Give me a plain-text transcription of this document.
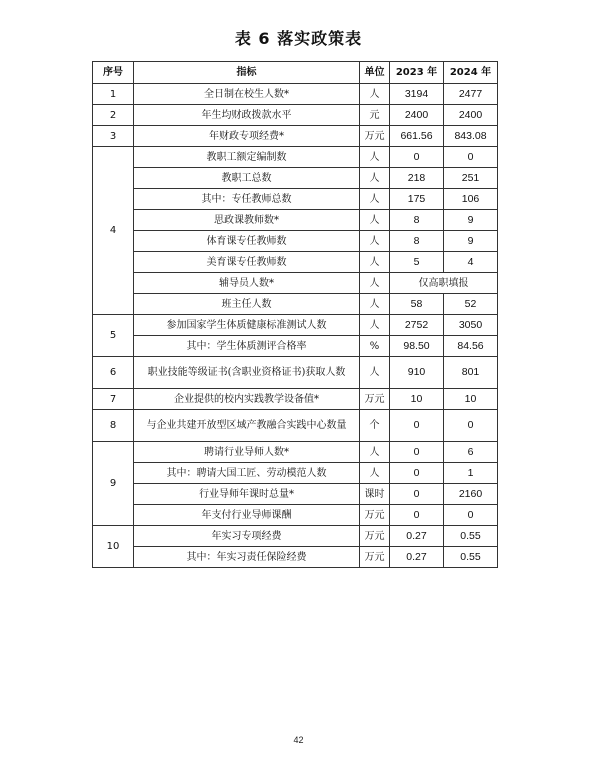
表 6 落实政策表
序号	指标	单位	2023 年	2024 年
1	全日制在校生人数*	人	3194	2477
2	年生均财政拨款水平	元	2400	2400
3	年财政专项经费*	万元	661.56	843.08
4	教职工额定编制数	人	0	0
	教职工总数	人	218	251
	其中：专任教师总数	人	175	106
	思政课教师数*	人	8	9
	体育课专任教师数	人	8	9
	美育课专任教师数	人	5	4
	辅导员人数*	人	仅高职填报	
	班主任人数	人	58	52
5	参加国家学生体质健康标准测试人数	人	2752	3050
	其中：学生体质测评合格率	%	98.50	84.56
6	职业技能等级证书(含职业资格证书)获取人数	人	910	801
7	企业提供的校内实践教学设备值*	万元	10	10
8	与企业共建开放型区域产教融合实践中心数量	个	0	0
9	聘请行业导师人数*	人	0	6
	其中：聘请大国工匠、劳动模范人数	人	0	1
	行业导师年课时总量*	课时	0	2160
	年支付行业导师课酬	万元	0	0
10	年实习专项经费	万元	0.27	0.55
	其中：年实习责任保险经费	万元	0.27	0.55
42
